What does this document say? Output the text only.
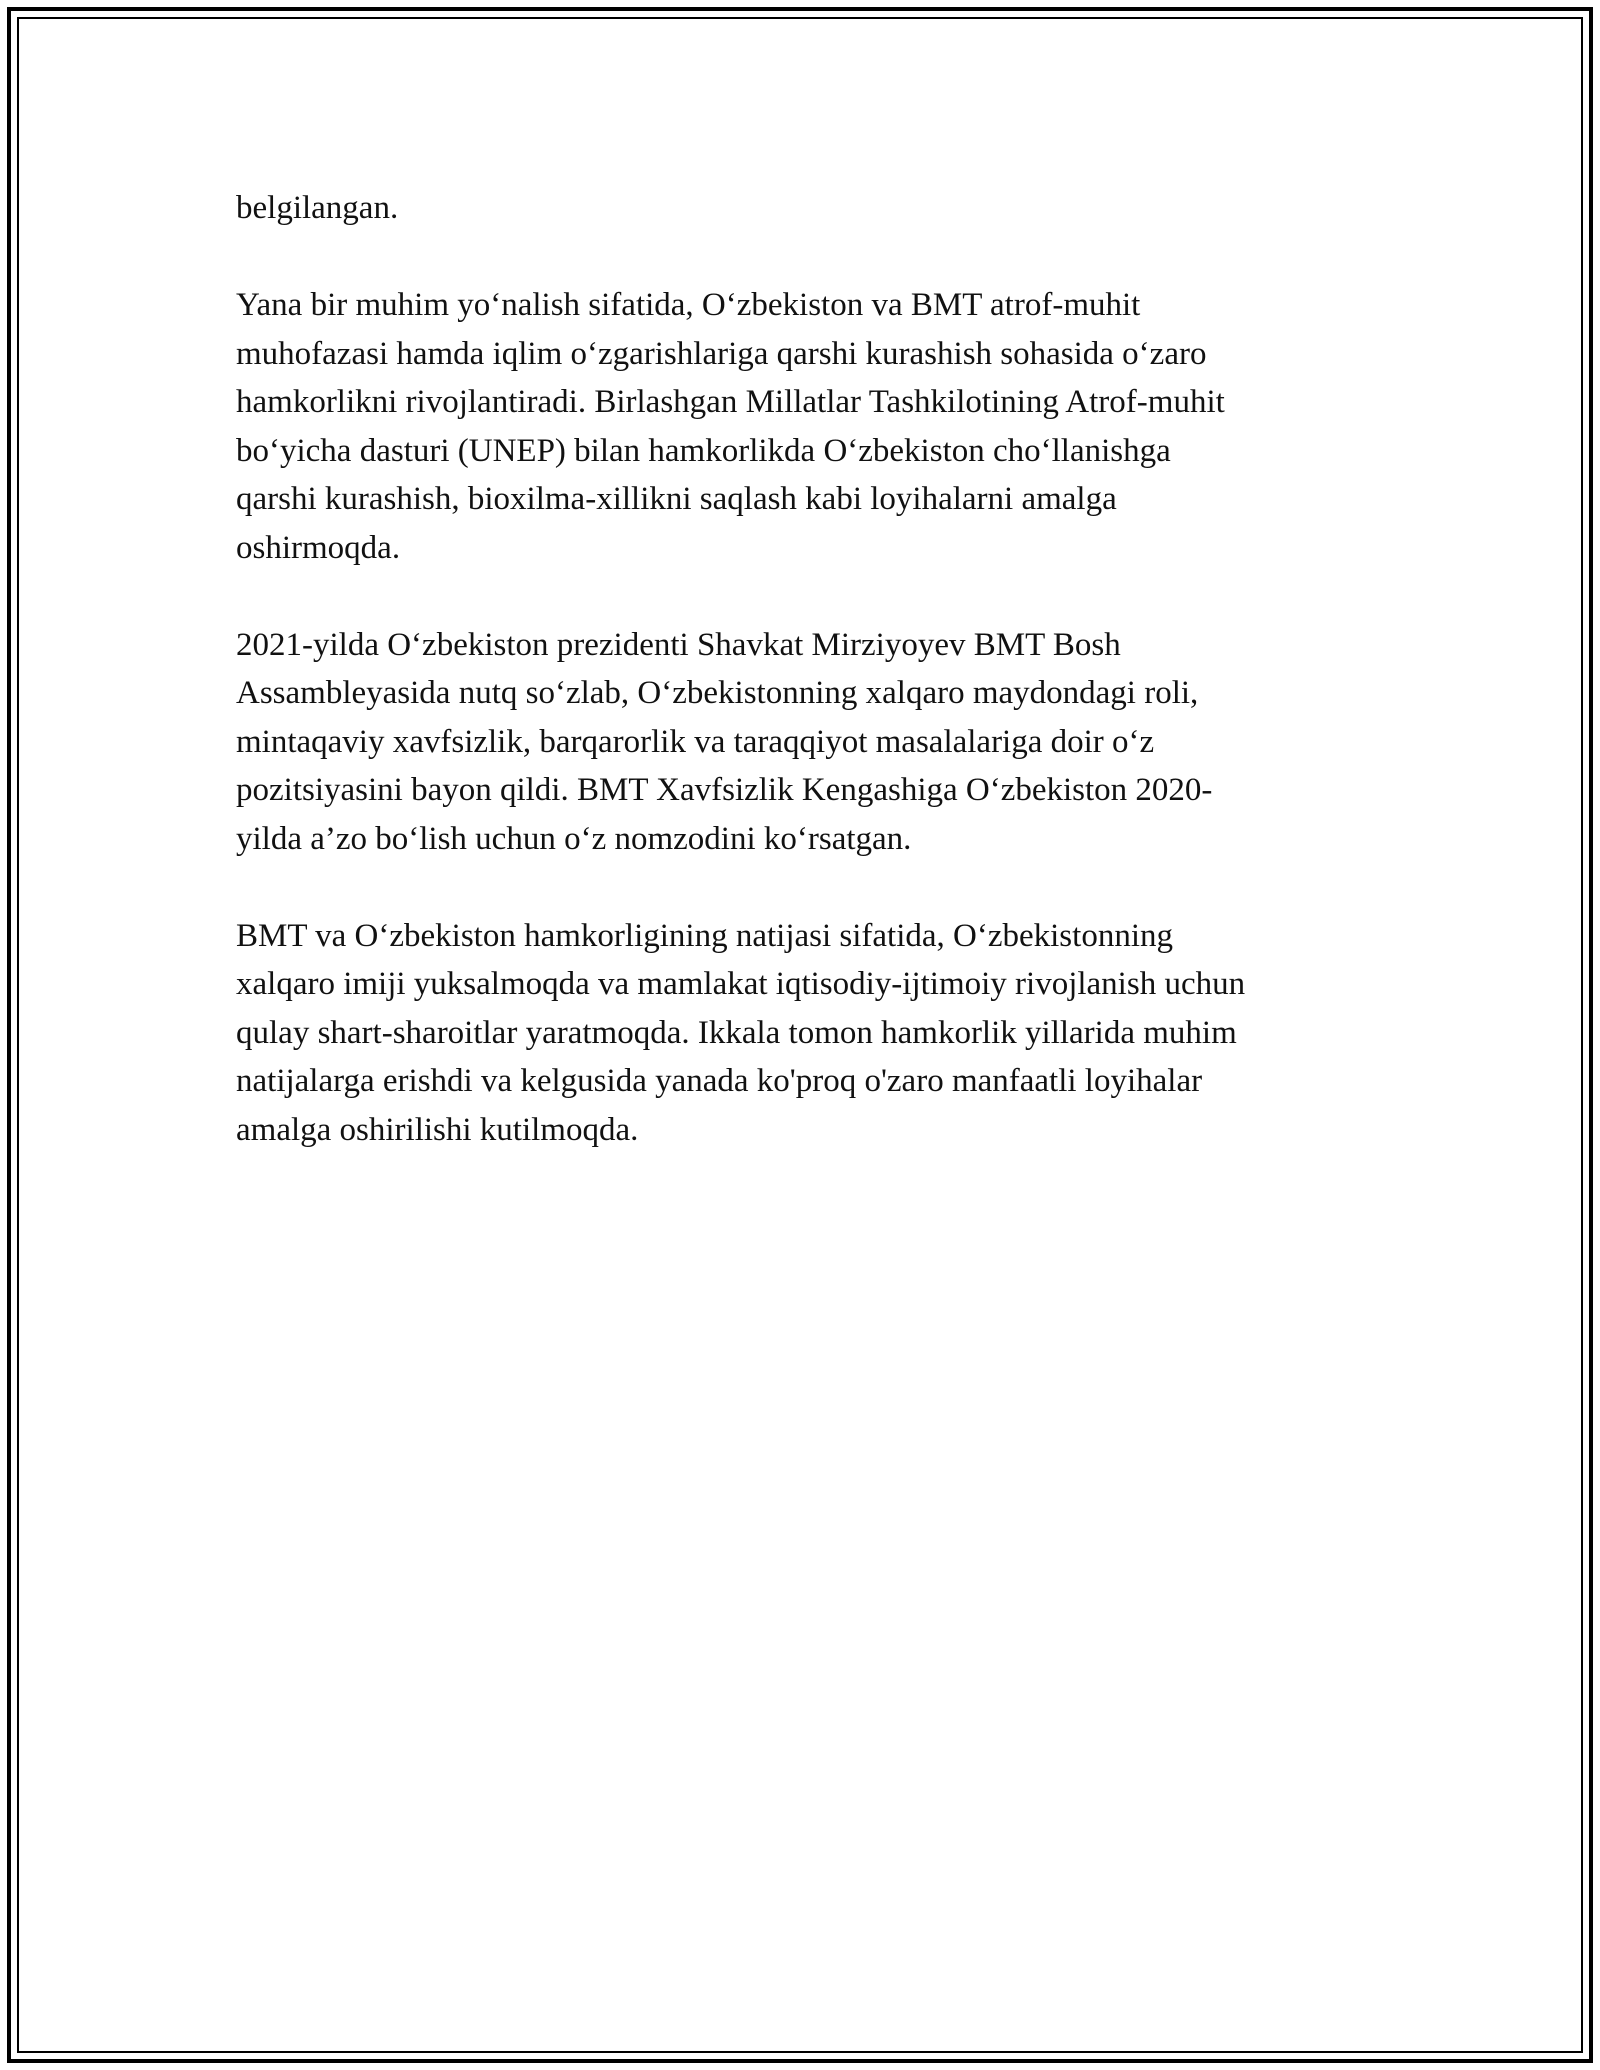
belgilangan.

Yana bir muhim yoʻnalish sifatida, Oʻzbekiston va BMT atrof-muhit
muhofazasi hamda iqlim oʻzgarishlariga qarshi kurashish sohasida oʻzaro
hamkorlikni rivojlantiradi. Birlashgan Millatlar Tashkilotining Atrof-muhit
boʻyicha dasturi (UNEP) bilan hamkorlikda Oʻzbekiston choʻllanishga
qarshi kurashish, bioxilma-xillikni saqlash kabi loyihalarni amalga
oshirmoqda.

2021-yilda Oʻzbekiston prezidenti Shavkat Mirziyoyev BMT Bosh
Assambleyasida nutq soʻzlab, Oʻzbekistonning xalqaro maydondagi roli,
mintaqaviy xavfsizlik, barqarorlik va taraqqiyot masalalariga doir oʻz
pozitsiyasini bayon qildi. BMT Xavfsizlik Kengashiga Oʻzbekiston 2020-
yilda a’zo boʻlish uchun oʻz nomzodini koʻrsatgan.

BMT va Oʻzbekiston hamkorligining natijasi sifatida, Oʻzbekistonning
xalqaro imiji yuksalmoqda va mamlakat iqtisodiy-ijtimoiy rivojlanish uchun
qulay shart-sharoitlar yaratmoqda. Ikkala tomon hamkorlik yillarida muhim
natijalarga erishdi va kelgusida yanada ko'proq o'zaro manfaatli loyihalar
amalga oshirilishi kutilmoqda.
